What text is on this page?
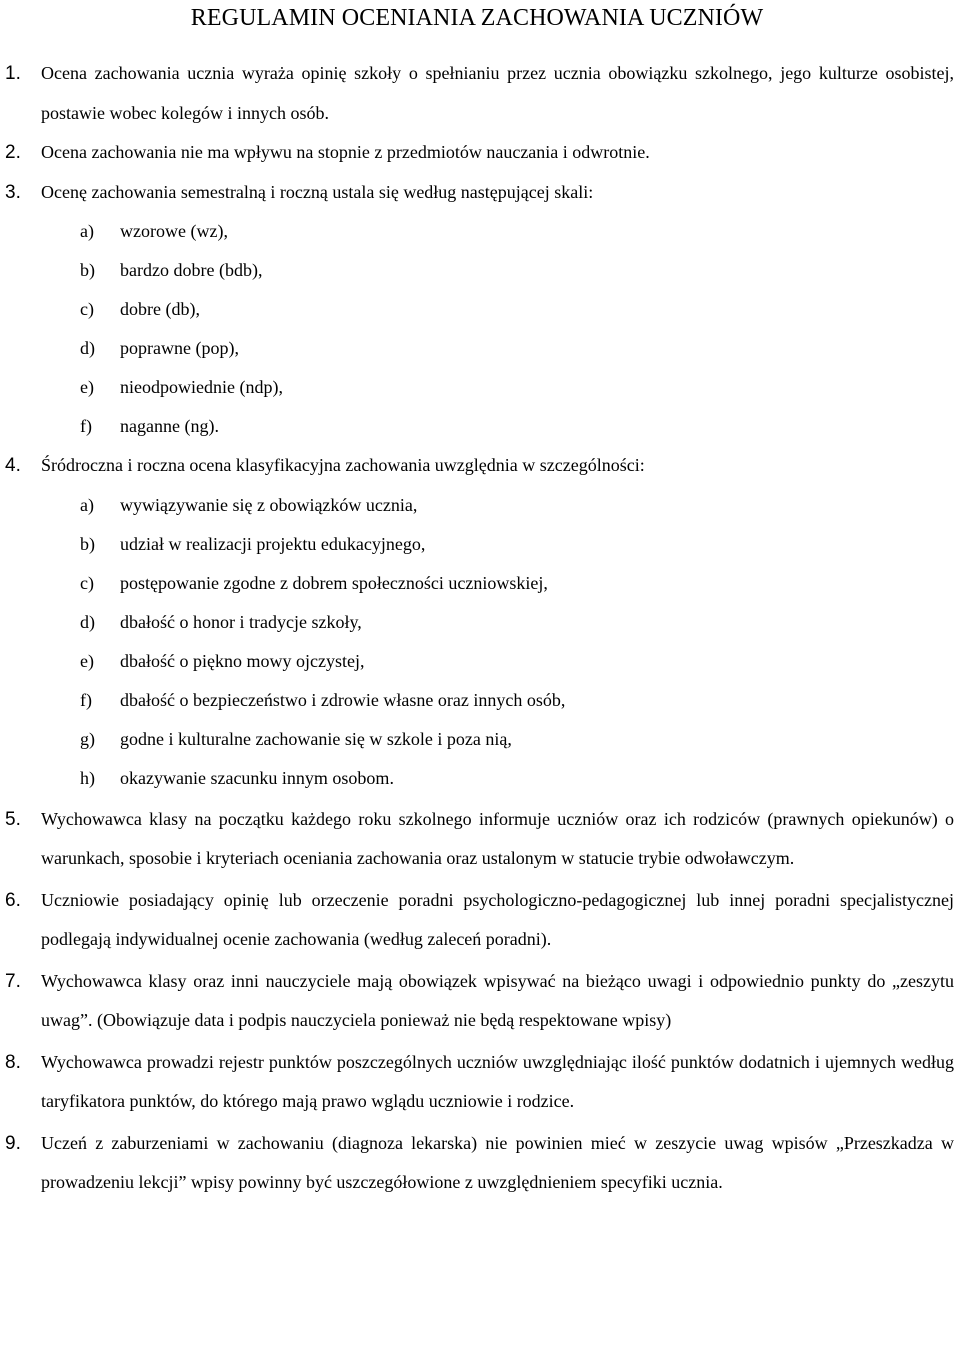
REGULAMIN OCENIANIA ZACHOWANIA UCZNIÓW
1. Ocena zachowania ucznia wyraża opinię szkoły o spełnianiu przez ucznia obowiązku szkolnego, jego kulturze osobistej, postawie wobec kolegów i innych osób.
2. Ocena zachowania nie ma wpływu na stopnie z przedmiotów nauczania i odwrotnie.
3. Ocenę zachowania semestralną i roczną ustala się według następującej skali:
a) wzorowe (wz),
b) bardzo dobre (bdb),
c) dobre (db),
d) poprawne (pop),
e) nieodpowiednie (ndp),
f) naganne (ng).
4. Śródroczna i roczna ocena klasyfikacyjna zachowania uwzględnia w szczególności:
a) wywiązywanie się z obowiązków ucznia,
b) udział w realizacji projektu edukacyjnego,
c) postępowanie zgodne z dobrem społeczności uczniowskiej,
d) dbałość o honor i tradycje szkoły,
e) dbałość o piękno mowy ojczystej,
f) dbałość o bezpieczeństwo i zdrowie własne oraz innych osób,
g) godne i kulturalne zachowanie się w szkole i poza nią,
h) okazywanie szacunku innym osobom.
5. Wychowawca klasy na początku każdego roku szkolnego informuje uczniów oraz ich rodziców (prawnych opiekunów) o warunkach, sposobie i kryteriach oceniania zachowania oraz ustalonym w statucie trybie odwoławczym.
6. Uczniowie posiadający opinię lub orzeczenie poradni psychologiczno-pedagogicznej lub innej poradni specjalistycznej podlegają indywidualnej ocenie zachowania (według zaleceń poradni).
7. Wychowawca klasy oraz inni nauczyciele mają obowiązek wpisywać na bieżąco uwagi i odpowiednio punkty do „zeszytu uwag”. (Obowiązuje data i podpis nauczyciela ponieważ nie będą respektowane wpisy)
8. Wychowawca prowadzi rejestr punktów poszczególnych uczniów uwzględniając ilość punktów dodatnich i ujemnych według taryfikatora punktów, do którego mają prawo wglądu uczniowie i rodzice.
9. Uczeń z zaburzeniami w zachowaniu (diagnoza lekarska) nie powinien mieć w zeszycie uwag wpisów „Przeszkadza w prowadzeniu lekcji” wpisy powinny być uszczegółowione z uwzględnieniem specyfiki ucznia.
